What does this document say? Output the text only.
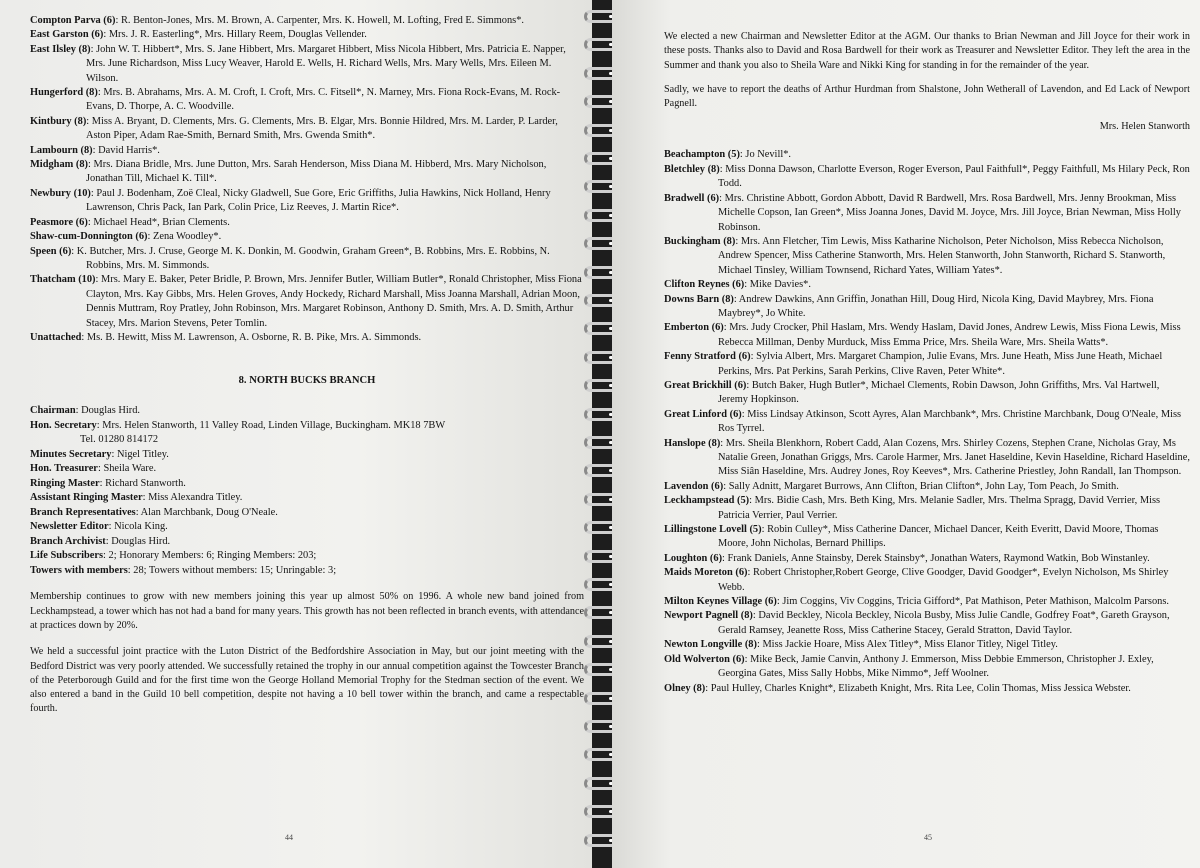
Compton Parva (6): R. Benton-Jones, Mrs. M. Brown, A. Carpenter, Mrs. K. Howell, M. Lofting, Fred E. Simmons*.
East Garston (6): Mrs. J. R. Easterling*, Mrs. Hillary Reem, Douglas Vellender.
East Ilsley (8): John W. T. Hibbert*, Mrs. S. Jane Hibbert, Mrs. Margaret Hibbert, Miss Nicola Hibbert, Mrs. Patricia E. Napper, Mrs. June Richardson, Miss Lucy Weaver, Harold E. Wells, H. Richard Wells, Mrs. Mary Wells, Mrs. Eileen M. Wilson.
Hungerford (8): Mrs. B. Abrahams, Mrs. A. M. Croft, I. Croft, Mrs. C. Fitsell*, N. Marney, Mrs. Fiona Rock-Evans, M. Rock-Evans, D. Thorpe, A. C. Woodville.
Kintbury (8): Miss A. Bryant, D. Clements, Mrs. G. Clements, Mrs. B. Elgar, Mrs. Bonnie Hildred, Mrs. M. Larder, P. Larder, Aston Piper, Adam Rae-Smith, Bernard Smith, Mrs. Gwenda Smith*.
Lambourn (8): David Harris*.
Midgham (8): Mrs. Diana Bridle, Mrs. June Dutton, Mrs. Sarah Henderson, Miss Diana M. Hibberd, Mrs. Mary Nicholson, Jonathan Till, Michael K. Till*.
Newbury (10): Paul J. Bodenham, Zoë Cleal, Nicky Gladwell, Sue Gore, Eric Griffiths, Julia Hawkins, Nick Holland, Henry Lawrenson, Chris Pack, Ian Park, Colin Price, Liz Reeves, J. Martin Rice*.
Peasmore (6): Michael Head*, Brian Clements.
Shaw-cum-Donnington (6): Zena Woodley*.
Speen (6): K. Butcher, Mrs. J. Cruse, George M. K. Donkin, M. Goodwin, Graham Green*, B. Robbins, Mrs. E. Robbins, N. Robbins, Mrs. M. Simmonds.
Thatcham (10): Mrs. Mary E. Baker, Peter Bridle, P. Brown, Mrs. Jennifer Butler, William Butler*, Ronald Christopher, Miss Fiona Clayton, Mrs. Kay Gibbs, Mrs. Helen Groves, Andy Hockedy, Richard Marshall, Miss Joanna Marshall, Adrian Moon, Dennis Muttram, Roy Pratley, John Robinson, Mrs. Margaret Robinson, Anthony D. Smith, Mrs. A. D. Smith, Arthur Stacey, Mrs. Marion Stevens, Peter Tomlin.
Unattached: Ms. B. Hewitt, Miss M. Lawrenson, A. Osborne, R. B. Pike, Mrs. A. Simmonds.
8. NORTH BUCKS BRANCH
Chairman: Douglas Hird.
Hon. Secretary: Mrs. Helen Stanworth, 11 Valley Road, Linden Village, Buckingham. MK18 7BW
Tel. 01280 814172
Minutes Secretary: Nigel Titley.
Hon. Treasurer: Sheila Ware.
Ringing Master: Richard Stanworth.
Assistant Ringing Master: Miss Alexandra Titley.
Branch Representatives: Alan Marchbank, Doug O'Neale.
Newsletter Editor: Nicola King.
Branch Archivist: Douglas Hird.
Life Subscribers: 2; Honorary Members: 6; Ringing Members: 203;
Towers with members: 28; Towers without members: 15; Unringable: 3;

Membership continues to grow with new members joining this year up almost 50% on 1996. A whole new band joined from Leckhampstead, a tower which has not had a band for many years. This growth has not been reflected in branch events, with attendance at practices down by 20%.

We held a successful joint practice with the Luton District of the Bedfordshire Association in May, but our joint meeting with the Bedford District was very poorly attended. We successfully retained the trophy in our annual competition against the Towcester Branch of the Peterborough Guild and for the first time won the George Holland Memorial Trophy for the Stedman section of the event. We also entered a band in the Guild 10 bell competition, despite not having a 10 bell tower within the branch, and came a respectable fourth.

44

We elected a new Chairman and Newsletter Editor at the AGM. Our thanks to Brian Newman and Jill Joyce for their work in these posts. Thanks also to David and Rosa Bardwell for their work as Treasurer and Newsletter Editor. They left the area in the Summer and thank you also to Sheila Ware and Nikki King for standing in for the remainder of the year.

Sadly, we have to report the deaths of Arthur Hurdman from Shalstone, John Wetherall of Lavendon, and Ed Lack of Newport Pagnell.

Mrs. Helen Stanworth
Beachampton (5): Jo Nevill*.
Bletchley (8): Miss Donna Dawson, Charlotte Everson, Roger Everson, Paul Faithfull*, Peggy Faithfull, Ms Hilary Peck, Ron Todd.
Bradwell (6): Mrs. Christine Abbott, Gordon Abbott, David R Bardwell, Mrs. Rosa Bardwell, Mrs. Jenny Brookman, Miss Michelle Copson, Ian Green*, Miss Joanna Jones, David M. Joyce, Mrs. Jill Joyce, Brian Newman, Miss Holly Robinson.
Buckingham (8): Mrs. Ann Fletcher, Tim Lewis, Miss Katharine Nicholson, Peter Nicholson, Miss Rebecca Nicholson, Andrew Spencer, Miss Catherine Stanworth, Mrs. Helen Stanworth, John Stanworth, Richard S. Stanworth, Michael Tinsley, William Townsend, Richard Yates, William Yates*.
Clifton Reynes (6): Mike Davies*.
Downs Barn (8): Andrew Dawkins, Ann Griffin, Jonathan Hill, Doug Hird, Nicola King, David Maybrey, Mrs. Fiona Maybrey*, Jo White.
Emberton (6): Mrs. Judy Crocker, Phil Haslam, Mrs. Wendy Haslam, David Jones, Andrew Lewis, Miss Fiona Lewis, Miss Rebecca Millman, Denby Murduck, Miss Emma Price, Mrs. Sheila Ware, Mrs. Sheila Watts*.
Fenny Stratford (6): Sylvia Albert, Mrs. Margaret Champion, Julie Evans, Mrs. June Heath, Miss June Heath, Michael Perkins, Mrs. Pat Perkins, Sarah Perkins, Clive Raven, Peter White*.
Great Brickhill (6): Butch Baker, Hugh Butler*, Michael Clements, Robin Dawson, John Griffiths, Mrs. Val Hartwell, Jeremy Hopkinson.
Great Linford (6): Miss Lindsay Atkinson, Scott Ayres, Alan Marchbank*, Mrs. Christine Marchbank, Doug O'Neale, Miss Ros Tyrrel.
Hanslope (8): Mrs. Sheila Blenkhorn, Robert Cadd, Alan Cozens, Mrs. Shirley Cozens, Stephen Crane, Nicholas Gray, Ms Natalie Green, Jonathan Griggs, Mrs. Carole Harmer, Mrs. Janet Haseldine, Kevin Haseldine, Richard Haseldine, Miss Siân Haseldine, Mrs. Audrey Jones, Roy Keeves*, Mrs. Catherine Priestley, John Randall, Ian Thompson.
Lavendon (6): Sally Adnitt, Margaret Burrows, Ann Clifton, Brian Clifton*, John Lay, Tom Peach, Jo Smith.
Leckhampstead (5): Mrs. Bidie Cash, Mrs. Beth King, Mrs. Melanie Sadler, Mrs. Thelma Spragg, David Verrier, Miss Patricia Verrier, Paul Verrier.
Lillingstone Lovell (5): Robin Culley*, Miss Catherine Dancer, Michael Dancer, Keith Everitt, David Moore, Thomas Moore, John Nicholas, Bernard Phillips.
Loughton (6): Frank Daniels, Anne Stainsby, Derek Stainsby*, Jonathan Waters, Raymond Watkin, Bob Winstanley.
Maids Moreton (6): Robert Christopher,Robert George, Clive Goodger, David Goodger*, Evelyn Nicholson, Ms Shirley Webb.
Milton Keynes Village (6): Jim Coggins, Viv Coggins, Tricia Gifford*, Pat Mathison, Peter Mathison, Malcolm Parsons.
Newport Pagnell (8): David Beckley, Nicola Beckley, Nicola Busby, Miss Julie Candle, Godfrey Foat*, Gareth Grayson, Gerald Ramsey, Jeanette Ross, Miss Catherine Stacey, Gerald Stratton, David Taylor.
Newton Longville (8): Miss Jackie Hoare, Miss Alex Titley*, Miss Elanor Titley, Nigel Titley.
Old Wolverton (6): Mike Beck, Jamie Canvin, Anthony J. Emmerson, Miss Debbie Emmerson, Christopher J. Exley, Georgina Gates, Miss Sally Hobbs, Mike Nimmo*, Jeff Woolner.
Olney (8): Paul Hulley, Charles Knight*, Elizabeth Knight, Mrs. Rita Lee, Colin Thomas, Miss Jessica Webster.
45
